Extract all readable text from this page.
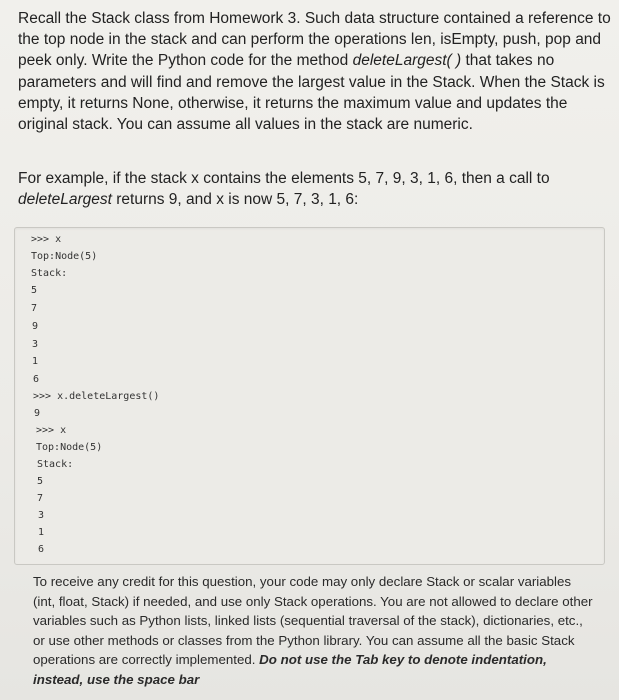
Recall the Stack class from Homework 3. Such data structure contained a reference to the top node in the stack and can perform the operations len, isEmpty, push, pop and peek only. Write the Python code for the method deleteLargest( ) that takes no parameters and will find and remove the largest value in the Stack. When the Stack is empty, it returns None, otherwise, it returns the maximum value and updates the original stack. You can assume all values in the stack are numeric.
For example, if the stack x contains the elements 5, 7, 9, 3, 1, 6, then a call to deleteLargest returns 9, and x is now 5, 7, 3, 1, 6:
>>> x
Top:Node(5)
Stack:
5
7
9
3
1
6
>>> x.deleteLargest()
9
>>> x
Top:Node(5)
Stack:
5
7
3
1
6
To receive any credit for this question, your code may only declare Stack or scalar variables (int, float, Stack) if needed, and use only Stack operations. You are not allowed to declare other variables such as Python lists, linked lists (sequential traversal of the stack), dictionaries, etc., or use other methods or classes from the Python library. You can assume all the basic Stack operations are correctly implemented. Do not use the Tab key to denote indentation, instead, use the space bar
